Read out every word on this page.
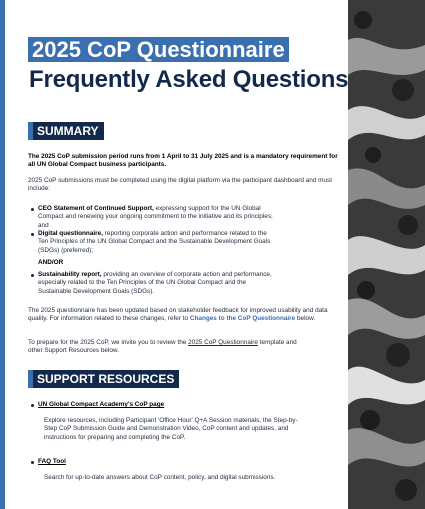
2025 CoP Questionnaire
Frequently Asked Questions
SUMMARY
The 2025 CoP submission period runs from 1 April to 31 July 2025 and is a mandatory requirement for all UN Global Compact business participants.
2025 CoP submissions must be completed using the digital platform via the participant dashboard and must include:
CEO Statement of Continued Support, expressing support for the UN Global Compact and renewing your ongoing commitment to the initiative and its principles; and
Digital questionnaire, reporting corporate action and performance related to the Ten Principles of the UN Global Compact and the Sustainable Development Goals (SDGs) (preferred);
AND/OR
Sustainability report, providing an overview of corporate action and performance, especially related to the Ten Principles of the UN Global Compact and the Sustainable Development Goals (SDGs).
The 2025 questionnaire has been updated based on stakeholder feedback for improved usability and data quality. For information related to these changes, refer to Changes to the CoP Questionnaire below.
To prepare for the 2025 CoP, we invite you to review the 2025 CoP Questionnaire template and other Support Resources below.
SUPPORT RESOURCES
UN Global Compact Academy's CoP page
Explore resources, including Participant 'Office Hour' Q+A Session materials, the Step-by-Step CoP Submission Guide and Demonstration Video, CoP content and updates, and instructions for preparing and completing the CoP.
FAQ Tool
Search for up-to-date answers about CoP content, policy, and digital submissions.
